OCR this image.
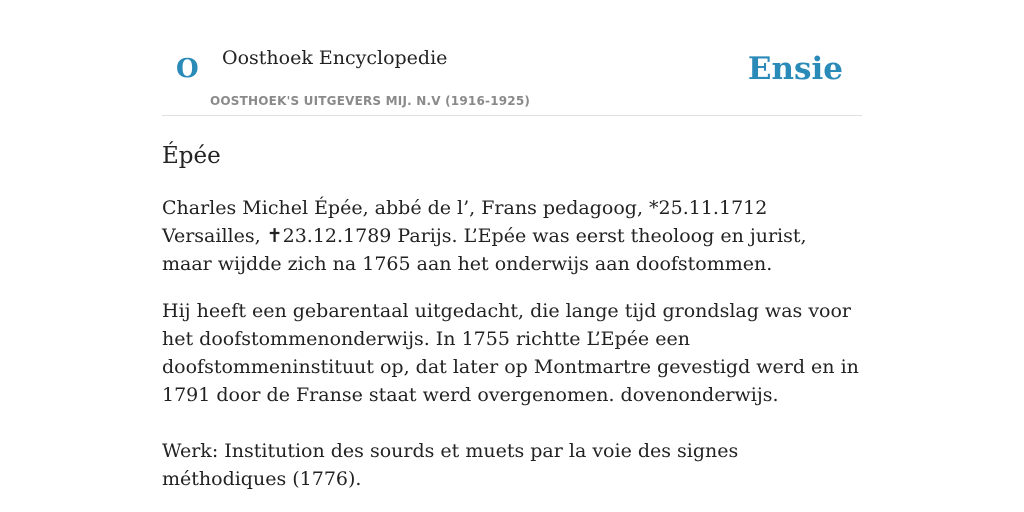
O Oosthoek Encyclopedie
OOSTHOEK'S UITGEVERS MIJ. N.V (1916-1925)
Ensie
Épée

Charles Michel Épée, abbé de l’, Frans pedagoog, *25.11.1712 Versailles, ✝23.12.1789 Parijs. L’Epée was eerst theoloog en jurist, maar wijdde zich na 1765 aan het onderwijs aan doofstommen.

Hij heeft een gebarentaal uitgedacht, die lange tijd grondslag was voor het doofstommenonderwijs. In 1755 richtte L’Epée een doofstommeninstituut op, dat later op Montmartre gevestigd werd en in 1791 door de Franse staat werd overgenomen. dovenonderwijs.

Werk: Institution des sourds et muets par la voie des signes méthodiques (1776).
